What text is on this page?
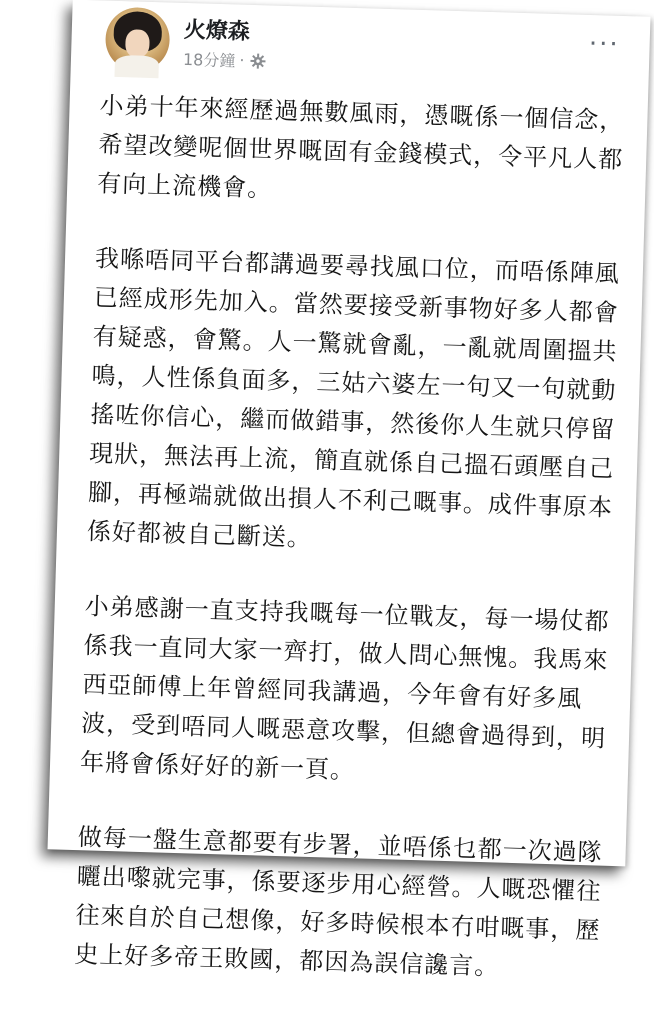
火燎森
18分鐘 ·
···

小弟十年來經歷過無數風雨，憑嘅係一個信念，希望改變呢個世界嘅固有金錢模式，令平凡人都有向上流機會。

我喺唔同平台都講過要尋找風口位，而唔係陣風已經成形先加入。當然要接受新事物好多人都會有疑惑，會驚。人一驚就會亂，一亂就周圍搵共鳴，人性係負面多，三姑六婆左一句又一句就動搖咗你信心，繼而做錯事，然後你人生就只停留現狀，無法再上流，簡直就係自己搵石頭壓自己腳，再極端就做出損人不利己嘅事。成件事原本係好都被自己斷送。

小弟感謝一直支持我嘅每一位戰友，每一場仗都係我一直同大家一齊打，做人問心無愧。我馬來西亞師傅上年曾經同我講過，今年會有好多風波，受到唔同人嘅惡意攻擊，但總會過得到，明年將會係好好的新一頁。

做每一盤生意都要有步署，並唔係乜都一次過隊曬出嚟就完事，係要逐步用心經營。人嘅恐懼往往來自於自己想像，好多時候根本冇咁嘅事，歷史上好多帝王敗國，都因為誤信讒言。
